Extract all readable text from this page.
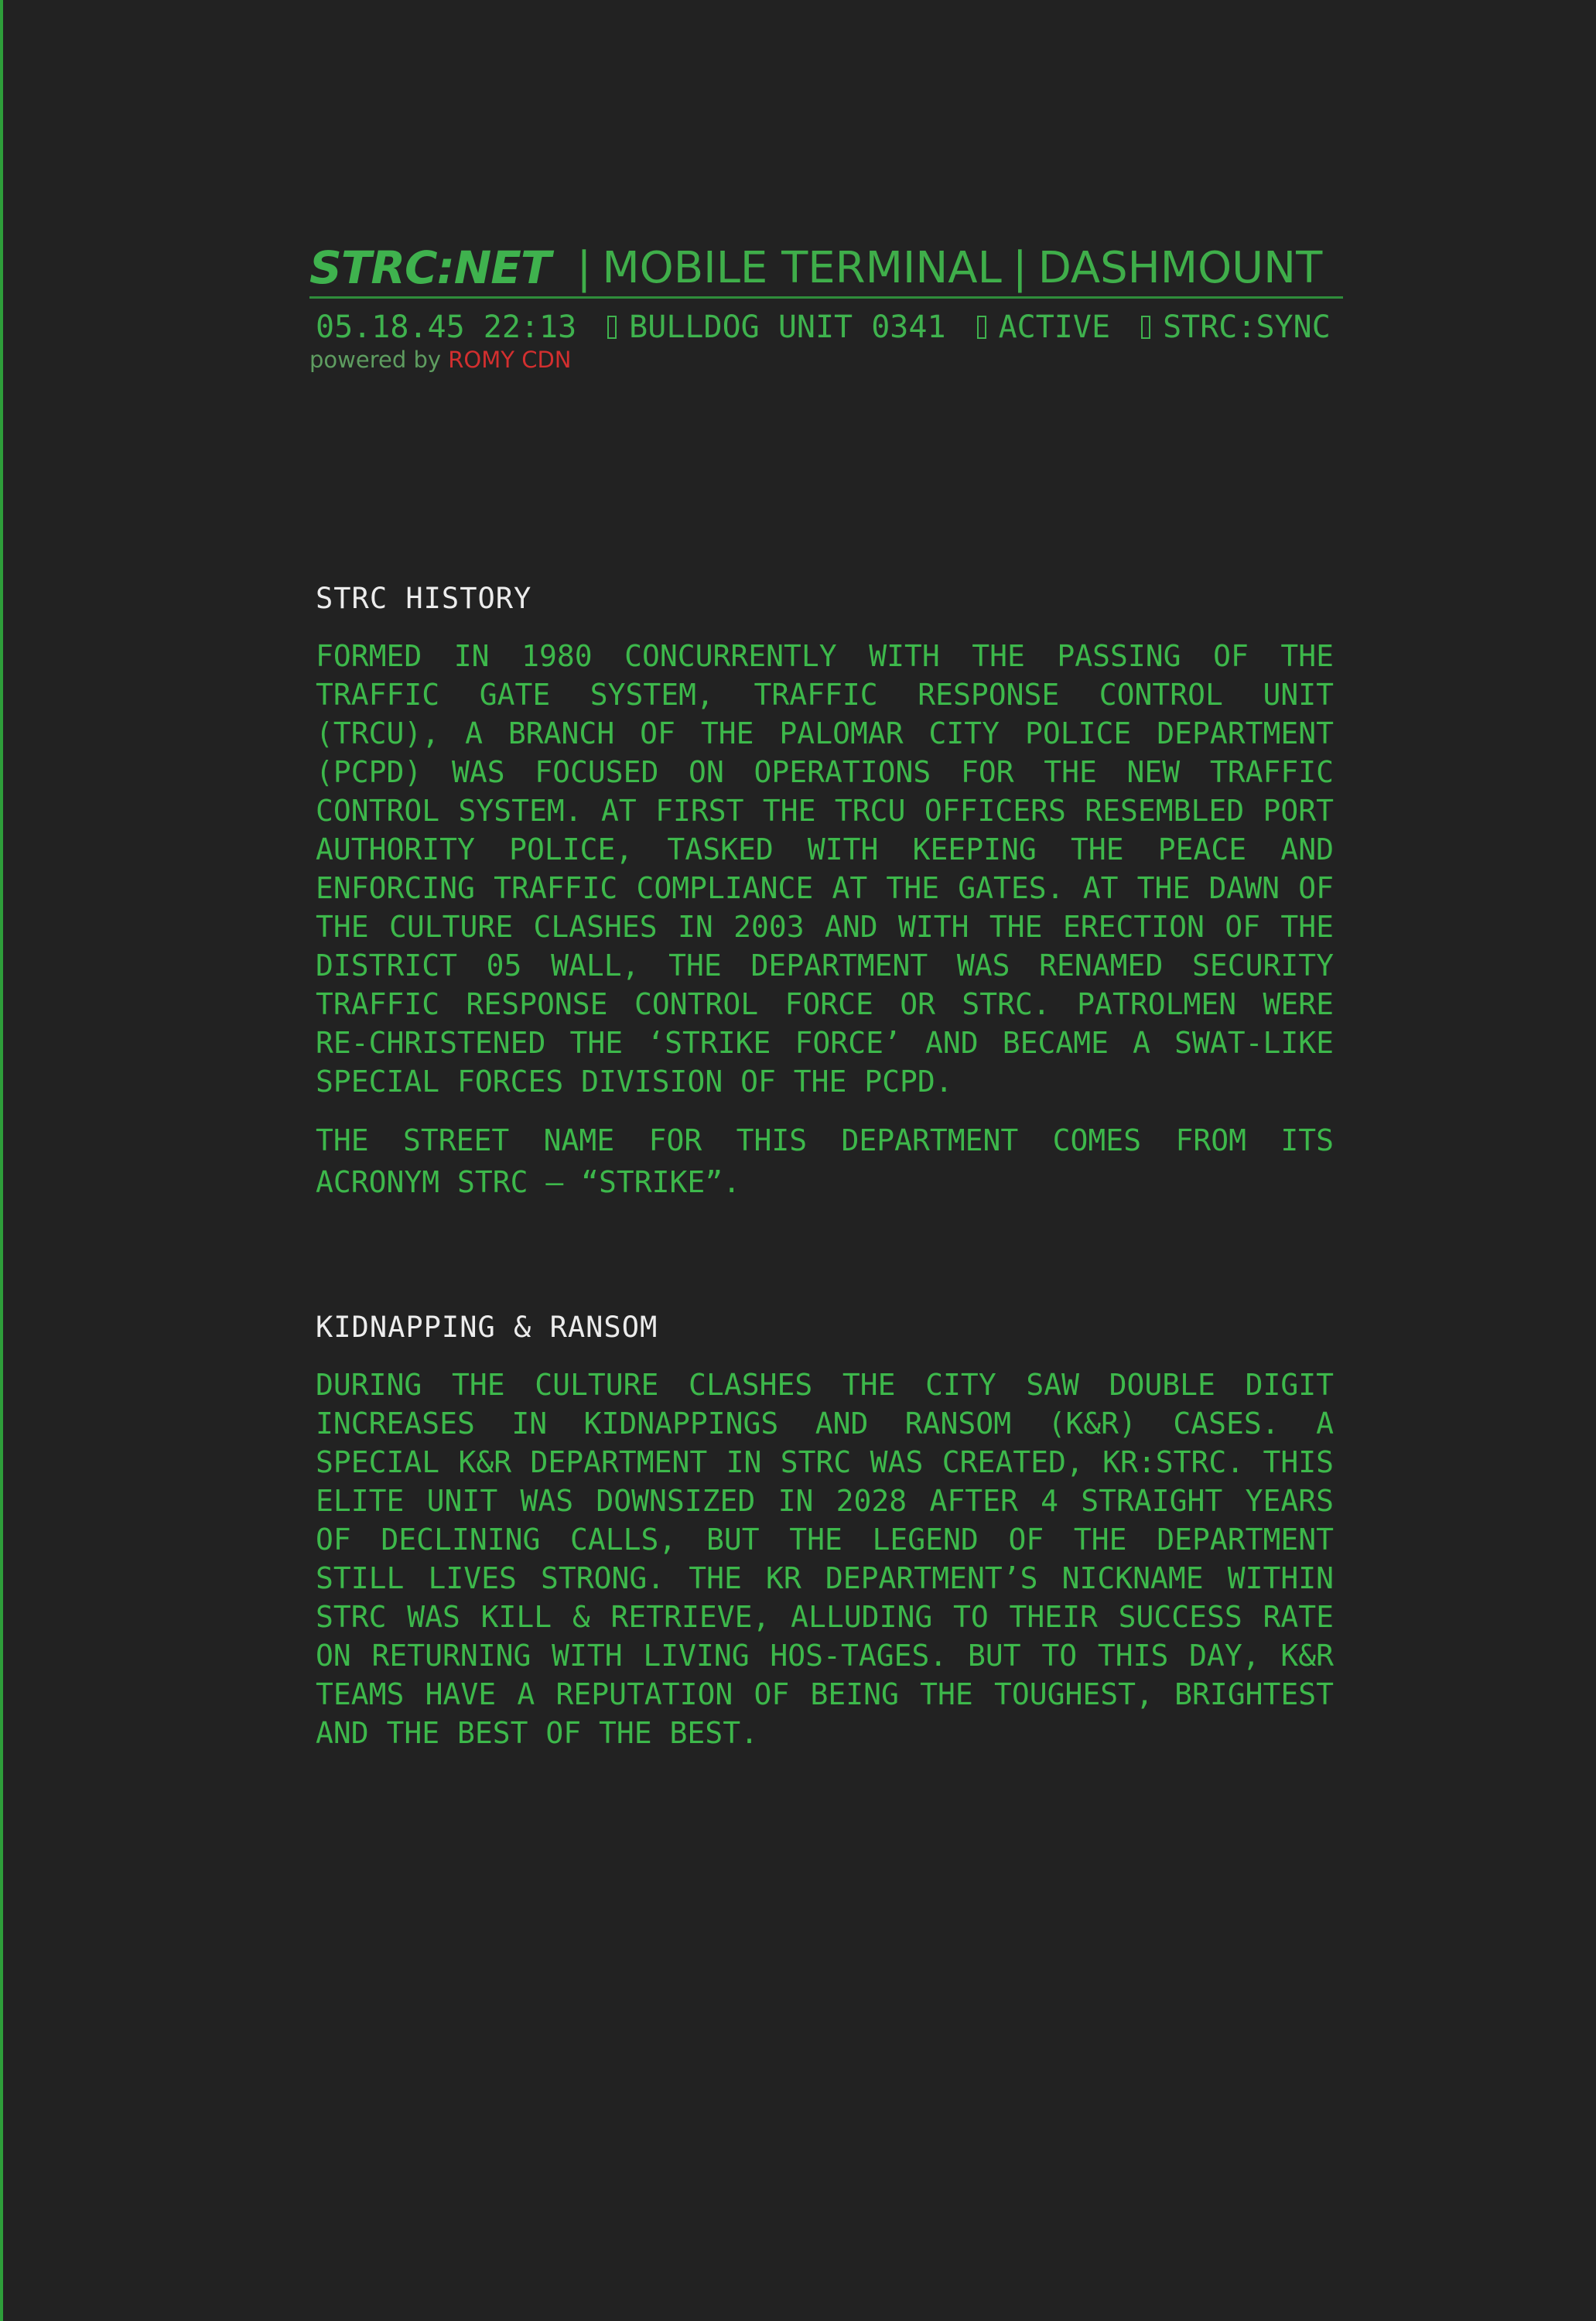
STRC:NET | MOBILE TERMINAL | DASHMOUNT
05.18.45 22:13 BULLDOG UNIT 0341 ACTIVE STRC:SYNC
powered by ROMY CDN
STRC HISTORY

FORMED IN 1980 CONCURRENTLY WITH THE PASSING OF THE TRAFFIC GATE SYSTEM, TRAFFIC RESPONSE CONTROL UNIT (TRCU), A BRANCH OF THE PALOMAR CITY POLICE DEPARTMENT (PCPD) WAS FOCUSED ON OPERATIONS FOR THE NEW TRAFFIC CONTROL SYSTEM. AT FIRST THE TRCU OFFICERS RESEMBLED PORT AUTHORITY POLICE, TASKED WITH KEEPING THE PEACE AND ENFORCING TRAFFIC COMPLIANCE AT THE GATES. AT THE DAWN OF THE CULTURE CLASHES IN 2003 AND WITH THE ERECTION OF THE DISTRICT 05 WALL, THE DEPARTMENT WAS RENAMED SECURITY TRAFFIC RESPONSE CONTROL FORCE OR STRC. PATROLMEN WERE RE-CHRISTENED THE ‘STRIKE FORCE’ AND BECAME A SWAT-LIKE SPECIAL FORCES DIVISION OF THE PCPD.

THE STREET NAME FOR THIS DEPARTMENT COMES FROM ITS ACRONYM STRC – “STRIKE”.

KIDNAPPING & RANSOM

DURING THE CULTURE CLASHES THE CITY SAW DOUBLE DIGIT INCREASES IN KIDNAPPINGS AND RANSOM (K&R) CASES. A SPECIAL K&R DEPARTMENT IN STRC WAS CREATED, KR:STRC. THIS ELITE UNIT WAS DOWNSIZED IN 2028 AFTER 4 STRAIGHT YEARS OF DECLINING CALLS, BUT THE LEGEND OF THE DEPARTMENT STILL LIVES STRONG. THE KR DEPARTMENT’S NICKNAME WITHIN STRC WAS KILL & RETRIEVE, ALLUDING TO THEIR SUCCESS RATE ON RETURNING WITH LIVING HOS-TAGES. BUT TO THIS DAY, K&R TEAMS HAVE A REPUTATION OF BEING THE TOUGHEST, BRIGHTEST AND THE BEST OF THE BEST.
